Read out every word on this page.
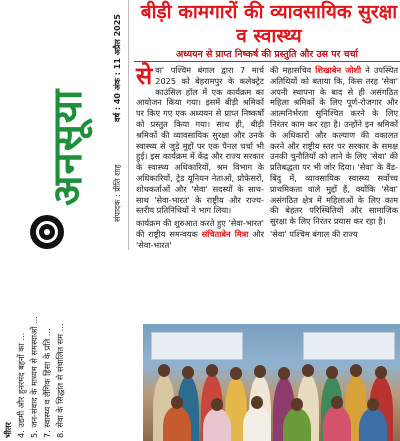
भीतर 4. उद्यमी और हुनरमंद बहनों का ... 5. जन-संवाद के माध्यम से समस्याओं ... 7. स्वास्थ्य व लैंगिक हिंसा के प्रति ... 8. सेवा के सिद्धांत से संचालित सम ...
अनसूया	संपादक : प्रीति शाह
वर्ष : 40 अंक : 11 अप्रैल 2025
बीड़ी कामगारों की व्यावसायिक सुरक्षा व स्वास्थ्य
अध्ययन से प्राप्त निष्कर्ष की प्रस्तुति और उस पर चर्चा

सेवा' पश्चिम बंगाल द्वारा 7 मार्च 2025 को बेहरामपुर के कलेक्ट्रेट काउंसिल हॉल में एक कार्यक्रम का आयोजन किया गया। इसमें बीड़ी श्रमिकों पर किए गए एक अध्ययन से प्राप्त निष्कर्षों को प्रस्तुत किया गया। साथ ही, बीड़ी श्रमिकों की व्यावसायिक सुरक्षा और उनके स्वास्थ्य से जुड़े मुद्दों पर एक पैनल चर्चा भी हुई। इस कार्यक्रम में केंद्र और राज्य सरकार के स्वास्थ्य अधिकारियों, श्रम विभाग के अधिकारियों, ट्रेड यूनियन नेताओं, प्रोफेसरों, शोधकर्ताओं और 'सेवा' सदस्यों के साथ-साथ 'सेवा-भारत' के राष्ट्रीय और राज्य-स्तरीय प्रतिनिधियों ने भाग लिया।

कार्यक्रम की शुरुआत करते हुए 'सेवा-भारत' की राष्ट्रीय समन्वयक संचिताबेन मित्रा और 'सेवा-भारत'

की महासचिव शिखाबेन जोशी ने उपस्थित अतिथियों को बताया कि, किस तरह 'सेवा' अपनी स्थापना के बाद से ही असंगठित महिला श्रमिकों के लिए पूर्ण-रोजगार और आत्मनिर्भरता सुनिश्चित करने के लिए निरंतर काम कर रहा है। उन्होंने इन श्रमिकों के अधिकारों और कल्याण की वकालत करने और राष्ट्रीय स्तर पर सरकार के समक्ष उनकी चुनौतियों को लाने के लिए 'सेवा' की प्रतिबद्धता पर भी जोर दिया। 'सेवा' के वैंड-बिंदु में, व्यावसायिक स्वास्थ्य सर्वोच्च प्राथमिकता वाले मुद्दों हैं, क्योंकि 'सेवा' असंगठित क्षेत्र में महिलाओं के लिए काम की बेहतर परिस्थितियों और सामाजिक सुरक्षा के लिए निरंतर प्रयास कर रहा है।

'सेवा' पश्चिम बंगाल की राज्य
